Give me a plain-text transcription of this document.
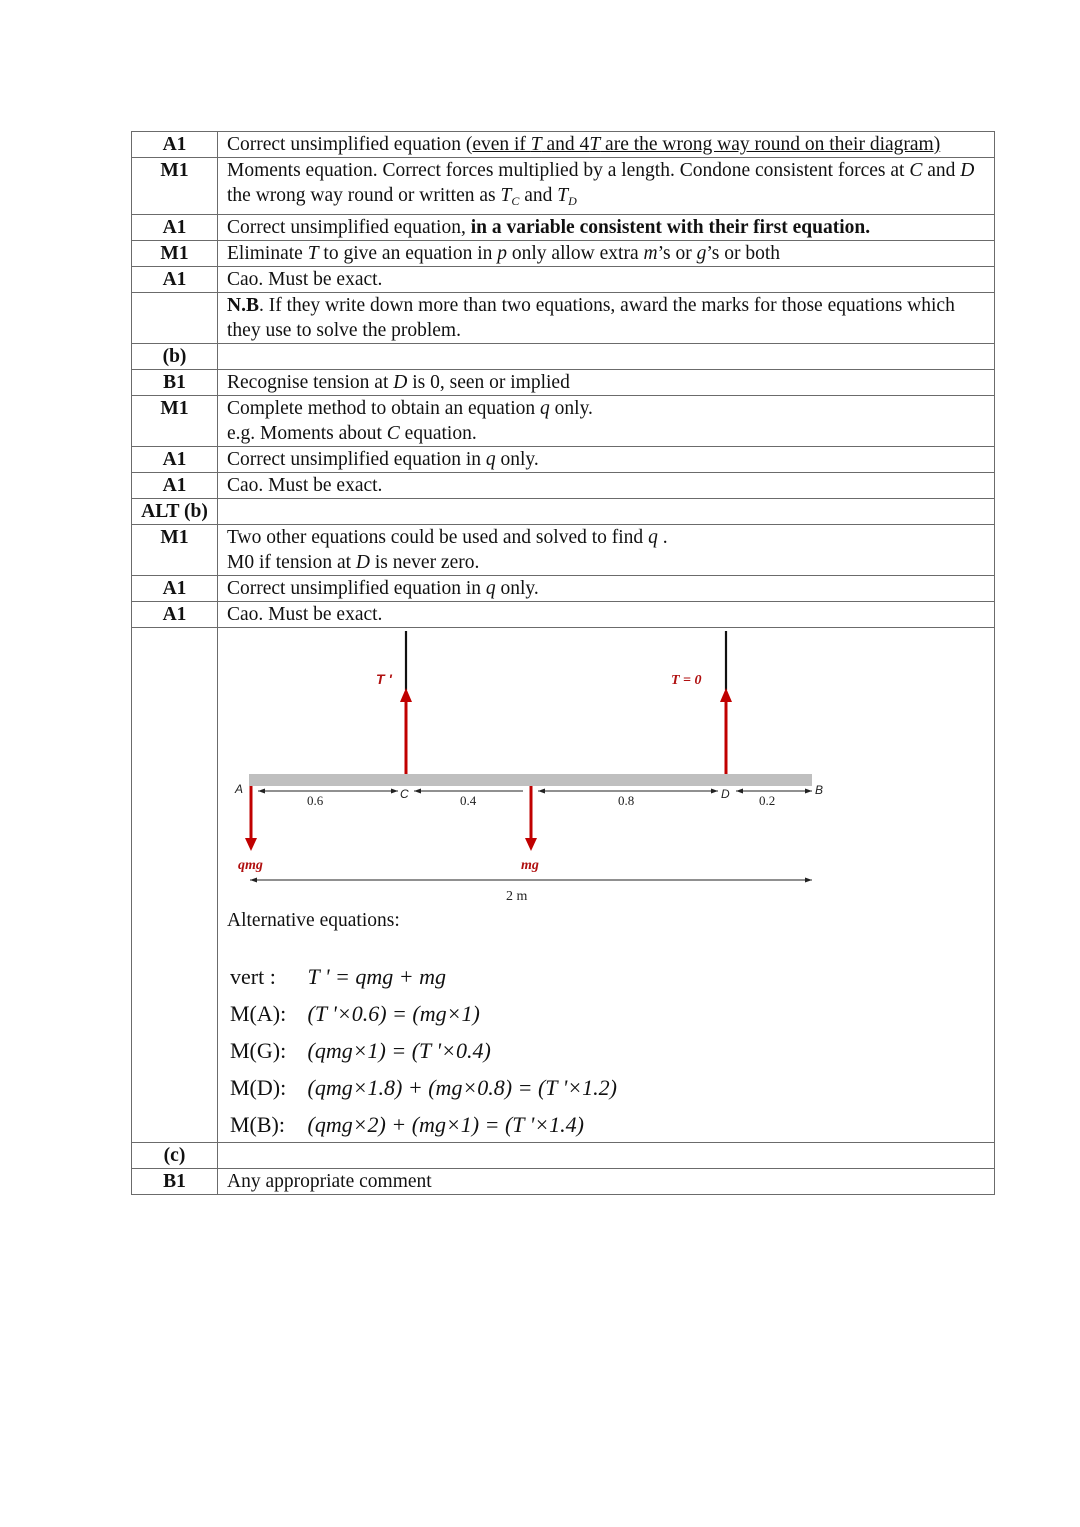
A1	Correct unsimplified equation (even if T and 4T are the wrong way round on their diagram)
M1	Moments equation. Correct forces multiplied by a length. Condone consistent forces at C and D the wrong way round or written as $T_C$ and $T_D$
A1	Correct unsimplified equation, in a variable consistent with their first equation.
M1	Eliminate T to give an equation in p only allow extra m’s or g’s or both
A1	Cao. Must be exact.
	N.B. If they write down more than two equations, award the marks for those equations which they use to solve the problem.
(b)	
B1	Recognise tension at D is 0, seen or implied
M1	Complete method to obtain an equation q only.
e.g. Moments about C equation.
A1	Correct unsimplified equation in q only.
A1	Cao. Must be exact.
ALT (b)	
M1	Two other equations could be used and solved to find q .
M0 if tension at D is never zero.
A1	Correct unsimplified equation in q only.
A1	Cao. Must be exact.

T '	T = 0
qmg	mg
A	C	D	B
0.6	0.4	0.8	0.2
2 m
Alternative equations:
vert : T ' = qmg + mg
M(A): (T '×0.6) = (mg×1)
M(G): (qmg×1) = (T '×0.4)
M(D): (qmg×1.8) + (mg×0.8) = (T '×1.2)
M(B): (qmg×2) + (mg×1) = (T '×1.4)

(c)	
B1	Any appropriate comment
